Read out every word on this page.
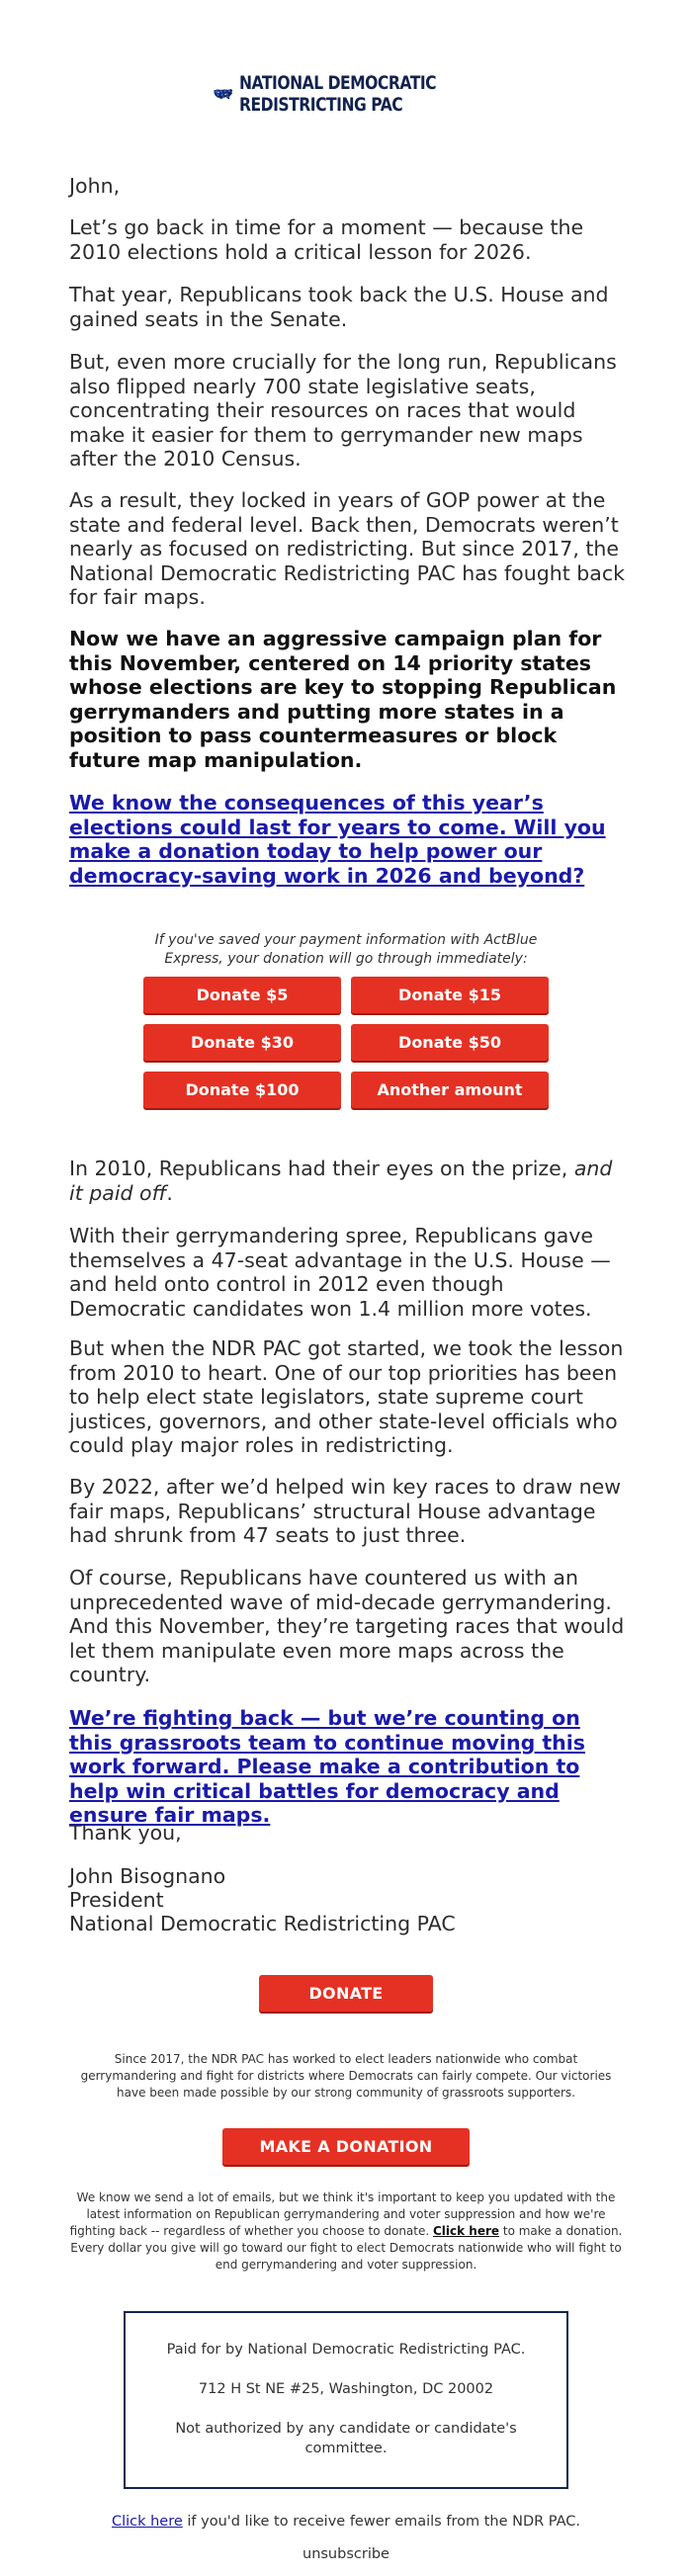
NATIONAL DEMOCRATIC
REDISTRICTING PAC
John,
Let’s go back in time for a moment — because the 2010 elections hold a critical lesson for 2026.
That year, Republicans took back the U.S. House and gained seats in the Senate.
But, even more crucially for the long run, Republicans also flipped nearly 700 state legislative seats, concentrating their resources on races that would make it easier for them to gerrymander new maps after the 2010 Census.
As a result, they locked in years of GOP power at the state and federal level. Back then, Democrats weren’t nearly as focused on redistricting. But since 2017, the National Democratic Redistricting PAC has fought back for fair maps.
Now we have an aggressive campaign plan for this November, centered on 14 priority states whose elections are key to stopping Republican gerrymanders and putting more states in a position to pass countermeasures or block future map manipulation.
We know the consequences of this year’s elections could last for years to come. Will you make a donation today to help power our democracy-saving work in 2026 and beyond?
If you've saved your payment information with ActBlue Express, your donation will go through immediately:
Donate $5	Donate $15
Donate $30	Donate $50
Donate $100	Another amount
In 2010, Republicans had their eyes on the prize, and it paid off.
With their gerrymandering spree, Republicans gave themselves a 47-seat advantage in the U.S. House — and held onto control in 2012 even though Democratic candidates won 1.4 million more votes.
But when the NDR PAC got started, we took the lesson from 2010 to heart. One of our top priorities has been to help elect state legislators, state supreme court justices, governors, and other state-level officials who could play major roles in redistricting.
By 2022, after we’d helped win key races to draw new fair maps, Republicans’ structural House advantage had shrunk from 47 seats to just three.
Of course, Republicans have countered us with an unprecedented wave of mid-decade gerrymandering. And this November, they’re targeting races that would let them manipulate even more maps across the country.
We’re fighting back — but we’re counting on this grassroots team to continue moving this work forward. Please make a contribution to help win critical battles for democracy and ensure fair maps.
Thank you,
John Bisognano
President
National Democratic Redistricting PAC
DONATE
Since 2017, the NDR PAC has worked to elect leaders nationwide who combat gerrymandering and fight for districts where Democrats can fairly compete. Our victories have been made possible by our strong community of grassroots supporters.
MAKE A DONATION
We know we send a lot of emails, but we think it's important to keep you updated with the latest information on Republican gerrymandering and voter suppression and how we're fighting back -- regardless of whether you choose to donate. Click here to make a donation. Every dollar you give will go toward our fight to elect Democrats nationwide who will fight to end gerrymandering and voter suppression.
Paid for by National Democratic Redistricting PAC.
712 H St NE #25, Washington, DC 20002
Not authorized by any candidate or candidate's committee.
Click here if you'd like to receive fewer emails from the NDR PAC.
unsubscribe
